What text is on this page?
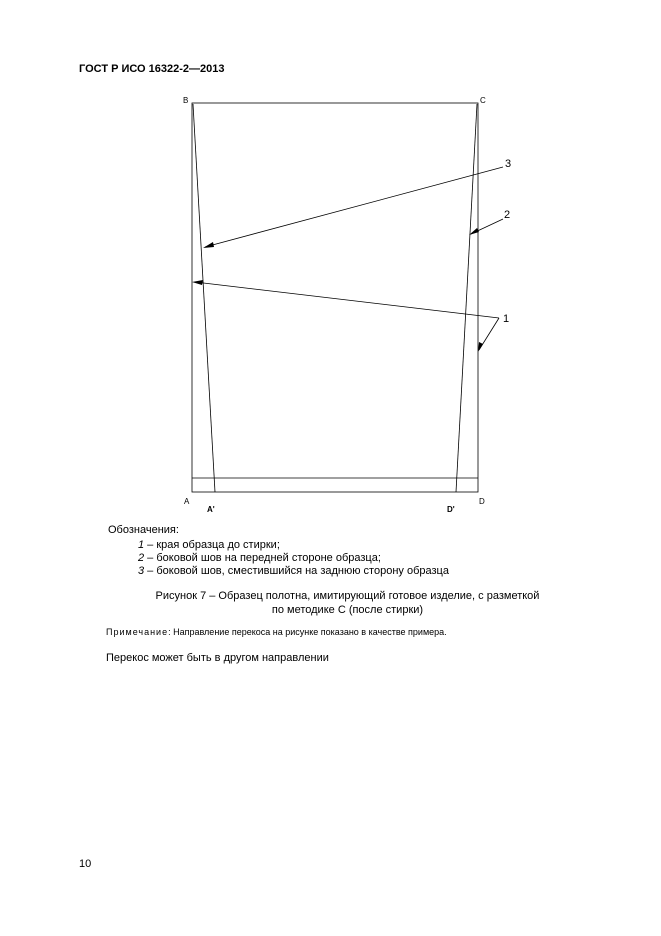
ГОСТ Р ИСО 16322-2—2013
B	C
A	D
A'	D'
3
2
1
Обозначения:
1 – края образца до стирки;
2 – боковой шов на передней стороне образца;
3 – боковой шов, сместившийся на заднюю сторону образца
Рисунок 7 – Образец полотна, имитирующий готовое изделие, с разметкой
по методике С (после стирки)
Примечание: Направление перекоса на рисунке показано в качестве примера.
Перекос может быть в другом направлении
10
